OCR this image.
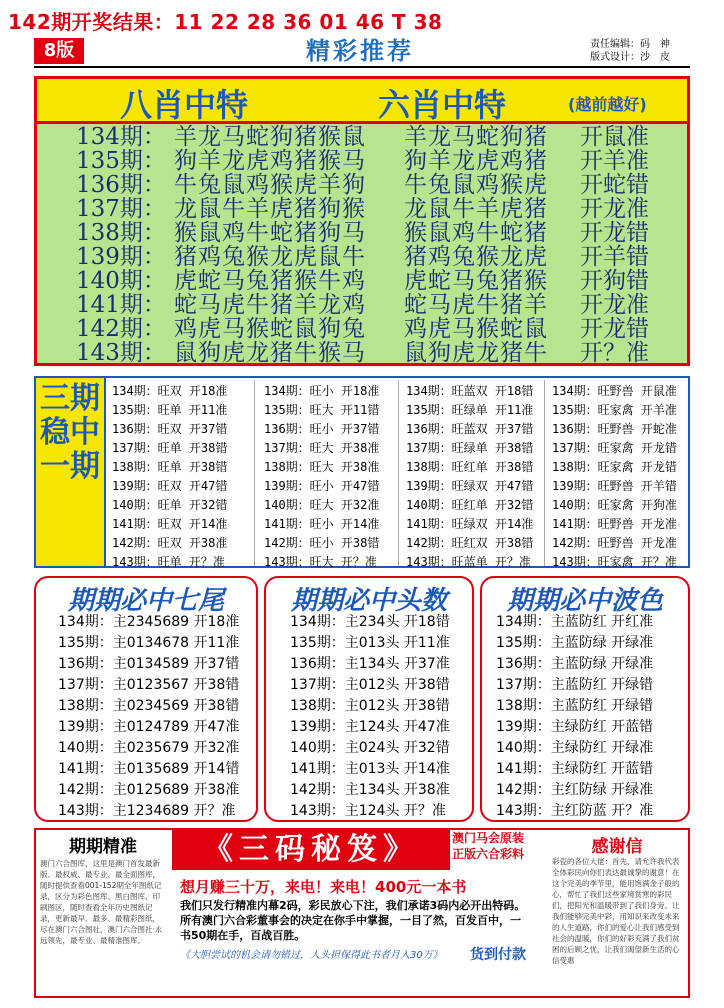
142期开奖结果：11 22 28 36 01 46 T 38
8版	精彩推荐	责任编辑：码　神
版式设计：沙　皮
八肖中特	六肖中特	(越前越好)
134期： 羊龙马蛇狗猪猴鼠 羊龙马蛇狗猪 开鼠准
135期： 狗羊龙虎鸡猪猴马 狗羊龙虎鸡猪 开羊准
136期： 牛兔鼠鸡猴虎羊狗 牛兔鼠鸡猴虎 开蛇错
137期： 龙鼠牛羊虎猪狗猴 龙鼠牛羊虎猪 开龙准
138期： 猴鼠鸡牛蛇猪狗马 猴鼠鸡牛蛇猪 开龙错
139期： 猪鸡兔猴龙虎鼠牛 猪鸡兔猴龙虎 开羊错
140期： 虎蛇马兔猪猴牛鸡 虎蛇马兔猪猴 开狗错
141期： 蛇马虎牛猪羊龙鸡 蛇马虎牛猪羊 开龙准
142期： 鸡虎马猴蛇鼠狗兔 鸡虎马猴蛇鼠 开龙错
143期： 鼠狗虎龙猪牛猴马 鼠狗虎龙猪牛 开？准
三期稳中一期
134期：旺双 开18准
135期：旺单 开11准
136期：旺双 开37错
137期：旺单 开38错
138期：旺单 开38错
139期：旺双 开47错
140期：旺单 开32错
141期：旺双 开14准
142期：旺双 开38准
143期：旺单 开？准
134期：旺小 开18准
135期：旺大 开11错
136期：旺小 开37错
137期：旺大 开38准
138期：旺大 开38准
139期：旺小 开47错
140期：旺大 开32准
141期：旺小 开14准
142期：旺小 开38错
143期：旺大 开？准
134期：旺蓝双 开18错
135期：旺绿单 开11准
136期：旺蓝双 开37错
137期：旺绿单 开38错
138期：旺红单 开38错
139期：旺绿双 开47错
140期：旺红单 开32错
141期：旺绿双 开14准
142期：旺红双 开38错
143期：旺蓝单 开？准
134期：旺野兽 开鼠准
135期：旺家禽 开羊准
136期：旺野兽 开蛇准
137期：旺家禽 开龙错
138期：旺家禽 开龙错
139期：旺野兽 开羊错
140期：旺家禽 开狗准
141期：旺野兽 开龙准
142期：旺野兽 开龙准
143期：旺家禽 开？准
期期必中七尾	期期必中头数	期期必中波色
134期：主2345689 开18准
135期：主0134678 开11准
136期：主0134589 开37错
137期：主0123567 开38错
138期：主0234569 开38错
139期：主0124789 开47准
140期：主0235679 开32准
141期：主0135689 开14错
142期：主0125689 开38准
143期：主1234689 开？准
134期：主234头 开18错
135期：主013头 开11准
136期：主134头 开37准
137期：主012头 开38错
138期：主012头 开38错
139期：主124头 开47准
140期：主024头 开32错
141期：主013头 开14准
142期：主134头 开38准
143期：主124头 开？准
134期：主蓝防红 开红准
135期：主蓝防绿 开绿准
136期：主蓝防绿 开绿准
137期：主蓝防红 开绿错
138期：主蓝防红 开绿错
139期：主绿防红 开蓝错
140期：主绿防红 开绿准
141期：主绿防红 开蓝错
142期：主红防绿 开绿准
143期：主红防蓝 开？准
期期精准
澳门六合图库，这里是澳门首发最新版、最权威、最专业、最全面图库，随时提供查看001-152期全年图纸记录，区分为彩色图库、黑白图库、印刷图区，随时查看全年历史图纸记录，更新最早、最多、最精彩图纸，尽在澳门六合图社，澳门六合图社·永远领先，最专业、最精准图库。
《三码秘笈》	澳门马会原装
正版六合彩料
想月赚三十万，来电！来电！400元一本书
我们只发行精准内幕2码，彩民放心下注，我们承诺3码内必开出特码。所有澳门六合彩董事会的决定在你手中掌握，一目了然，百发百中，一书50期在手，百战百胜。
《大胆尝试的机会请勿错过，人头担保得此书者月入30万》 货到付款
感谢信
彩瓷的各位大佬：首先，请允许我代表全体彩民向你们表达最诚挚的谢意！在这个完美的季节里，能用饱满金子般的心，帮忙了我们这些家境贫寒的彩民们，把阳光和温暖带到了我们身旁。让我们能够完美中彩，用知识来改变未来的人生道路，你们的爱心让我们感受到社会的温暖，你们的好彩充满了我们贫困的后顾之忧，让我们渴望新生活的心信受惠
